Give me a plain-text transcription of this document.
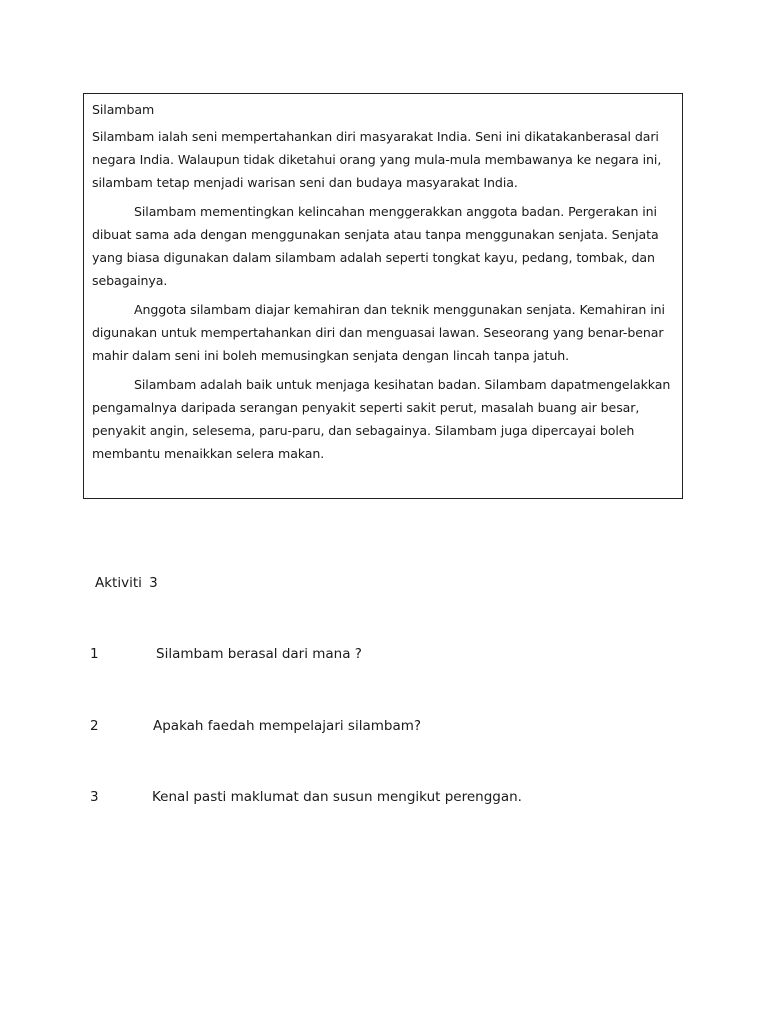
Silambam

Silambam ialah seni mempertahankan diri masyarakat India. Seni ini dikatakanberasal dari negara India. Walaupun tidak diketahui orang yang mula-mula membawanya ke negara ini, silambam tetap menjadi warisan seni dan budaya masyarakat India.

Silambam mementingkan kelincahan menggerakkan anggota badan. Pergerakan ini dibuat sama ada dengan menggunakan senjata atau tanpa menggunakan senjata. Senjata yang biasa digunakan dalam silambam adalah seperti tongkat kayu, pedang, tombak, dan sebagainya.

Anggota silambam diajar kemahiran dan teknik menggunakan senjata. Kemahiran ini digunakan untuk mempertahankan diri dan menguasai lawan. Seseorang yang benar-benar mahir dalam seni ini boleh memusingkan senjata dengan lincah tanpa jatuh.

Silambam adalah baik untuk menjaga kesihatan badan. Silambam dapatmengelakkan pengamalnya daripada serangan penyakit seperti sakit perut, masalah buang air besar, penyakit angin, selesema, paru-paru, dan sebagainya. Silambam juga dipercayai boleh membantu menaikkan selera makan.

Aktiviti 3
1	Silambam berasal dari mana ?
2	Apakah faedah mempelajari silambam?
3	Kenal pasti maklumat dan susun mengikut perenggan.
